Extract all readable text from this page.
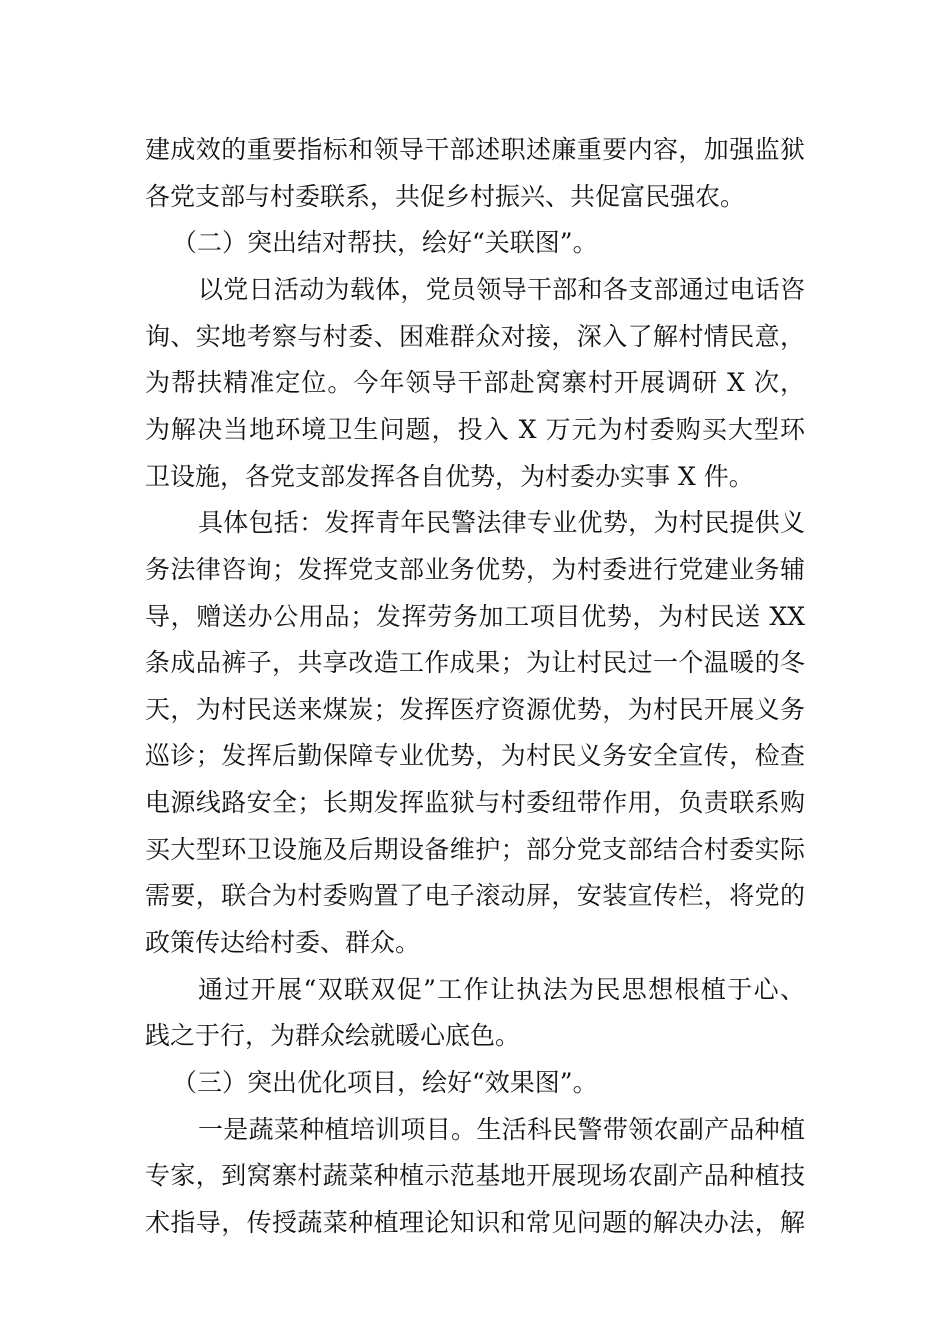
建成效的重要指标和领导干部述职述廉重要内容，加强监狱
各党支部与村委联系，共促乡村振兴、共促富民强农。
（二）突出结对帮扶，绘好“关联图”。
以党日活动为载体，党员领导干部和各支部通过电话咨
询、实地考察与村委、困难群众对接，深入了解村情民意，
为帮扶精准定位。今年领导干部赴窝寨村开展调研 X 次，
为解决当地环境卫生问题，投入 X 万元为村委购买大型环
卫设施，各党支部发挥各自优势，为村委办实事 X 件。
具体包括：发挥青年民警法律专业优势，为村民提供义
务法律咨询；发挥党支部业务优势，为村委进行党建业务辅
导，赠送办公用品；发挥劳务加工项目优势，为村民送 XX
条成品裤子，共享改造工作成果；为让村民过一个温暖的冬
天，为村民送来煤炭；发挥医疗资源优势，为村民开展义务
巡诊；发挥后勤保障专业优势，为村民义务安全宣传，检查
电源线路安全；长期发挥监狱与村委纽带作用，负责联系购
买大型环卫设施及后期设备维护；部分党支部结合村委实际
需要，联合为村委购置了电子滚动屏，安装宣传栏，将党的
政策传达给村委、群众。
通过开展“双联双促”工作让执法为民思想根植于心、
践之于行，为群众绘就暖心底色。
（三）突出优化项目，绘好“效果图”。
一是蔬菜种植培训项目。生活科民警带领农副产品种植
专家，到窝寨村蔬菜种植示范基地开展现场农副产品种植技
术指导，传授蔬菜种植理论知识和常见问题的解决办法，解
